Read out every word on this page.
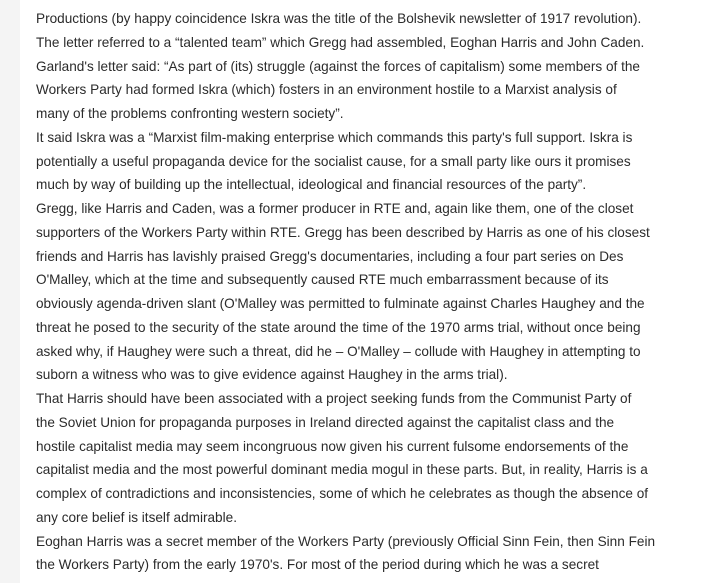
Productions (by happy coincidence Iskra was the title of the Bolshevik newsletter of 1917 revolution).
The letter referred to a “talented team” which Gregg had assembled, Eoghan Harris and John Caden.
Garland's letter said: “As part of (its) struggle (against the forces of capitalism) some members of the
Workers Party had formed Iskra (which) fosters in an environment hostile to a Marxist analysis of
many of the problems confronting western society”.

It said Iskra was a “Marxist film-making enterprise which commands this party's full support. Iskra is
potentially a useful propaganda device for the socialist cause, for a small party like ours it promises
much by way of building up the intellectual, ideological and financial resources of the party”.

Gregg, like Harris and Caden, was a former producer in RTE and, again like them, one of the closet
supporters of the Workers Party within RTE. Gregg has been described by Harris as one of his closest
friends and Harris has lavishly praised Gregg's documentaries, including a four part series on Des
O'Malley, which at the time and subsequently caused RTE much embarrassment because of its
obviously agenda-driven slant (O'Malley was permitted to fulminate against Charles Haughey and the
threat he posed to the security of the state around the time of the 1970 arms trial, without once being
asked why, if Haughey were such a threat, did he – O'Malley – collude with Haughey in attempting to
suborn a witness who was to give evidence against Haughey in the arms trial).

That Harris should have been associated with a project seeking funds from the Communist Party of
the Soviet Union for propaganda purposes in Ireland directed against the capitalist class and the
hostile capitalist media may seem incongruous now given his current fulsome endorsements of the
capitalist media and the most powerful dominant media mogul in these parts. But, in reality, Harris is a
complex of contradictions and inconsistencies, some of which he celebrates as though the absence of
any core belief is itself admirable.

Eoghan Harris was a secret member of the Workers Party (previously Official Sinn Fein, then Sinn Fein
the Workers Party) from the early 1970's. For most of the period during which he was a secret
